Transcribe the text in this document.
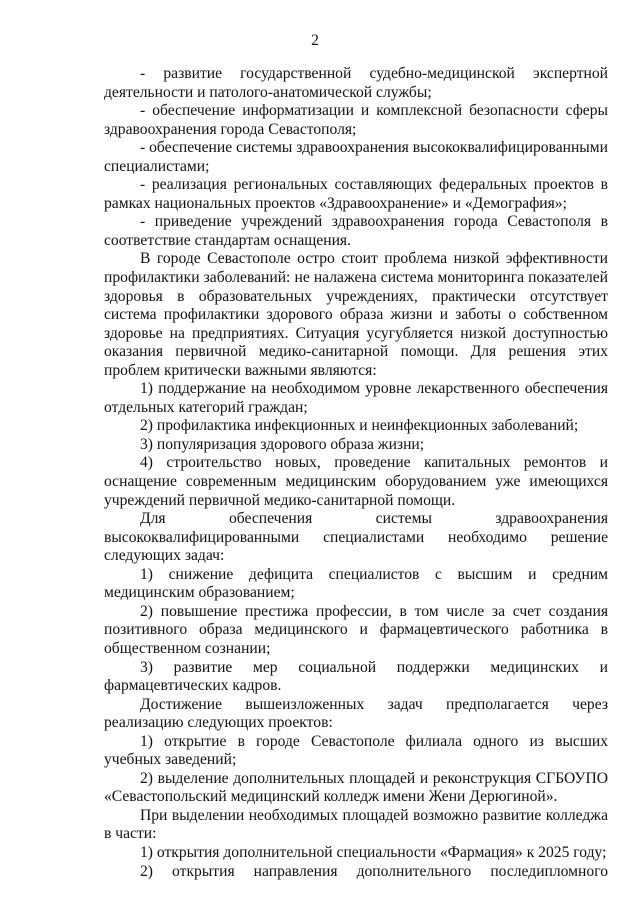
2

- развитие государственной судебно-медицинской экспертной деятельности и патолого-анатомической службы;

- обеспечение информатизации и комплексной безопасности сферы здравоохранения города Севастополя;

- обеспечение системы здравоохранения высококвалифицированными специалистами;

- реализация региональных составляющих федеральных проектов в рамках национальных проектов «Здравоохранение» и «Демография»;

- приведение учреждений здравоохранения города Севастополя в соответствие стандартам оснащения.

В городе Севастополе остро стоит проблема низкой эффективности профилактики заболеваний: не налажена система мониторинга показателей здоровья в образовательных учреждениях, практически отсутствует система профилактики здорового образа жизни и заботы о собственном здоровье на предприятиях. Ситуация усугубляется низкой доступностью оказания первичной медико-санитарной помощи. Для решения этих проблем критически важными являются:

1) поддержание на необходимом уровне лекарственного обеспечения отдельных категорий граждан;

2) профилактика инфекционных и неинфекционных заболеваний;

3) популяризация здорового образа жизни;

4) строительство новых, проведение капитальных ремонтов и оснащение современным медицинским оборудованием уже имеющихся учреждений первичной медико-санитарной помощи.

Для обеспечения системы здравоохранения высококвалифицированными специалистами необходимо решение следующих задач:

1) снижение дефицита специалистов с высшим и средним медицинским образованием;

2) повышение престижа профессии, в том числе за счет создания позитивного образа медицинского и фармацевтического работника в общественном сознании;

3) развитие мер социальной поддержки медицинских и фармацевтических кадров.

Достижение вышеизложенных задач предполагается через реализацию следующих проектов:

1) открытие в городе Севастополе филиала одного из высших учебных заведений;

2) выделение дополнительных площадей и реконструкция СГБОУПО «Севастопольский медицинский колледж имени Жени Дерюгиной».

При выделении необходимых площадей возможно развитие колледжа в части:

1) открытия дополнительной специальности «Фармация» к 2025 году;

2) открытия направления дополнительного последипломного
